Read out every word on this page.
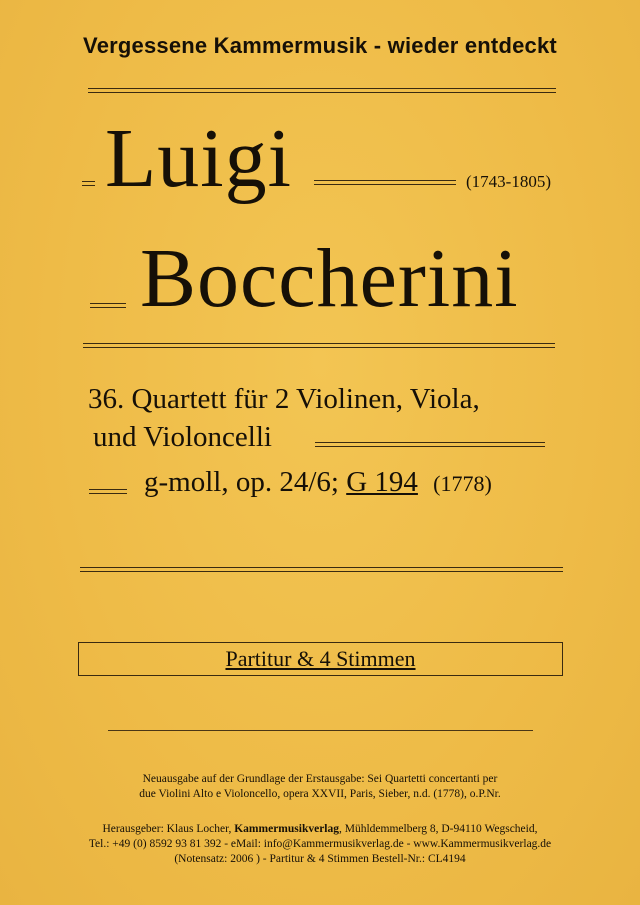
Vergessene Kammermusik - wieder entdeckt
Luigi	(1743-1805)
Boccherini
36. Quartett für 2 Violinen, Viola,
und Violoncelli
g-moll, op. 24/6; G 194 (1778)
Partitur & 4 Stimmen
Neuausgabe auf der Grundlage der Erstausgabe: Sei Quartetti concertanti per
due Violini Alto e Violoncello, opera XXVII, Paris, Sieber, n.d. (1778), o.P.Nr.
Herausgeber: Klaus Locher, Kammermusikverlag, Mühldemmelberg 8, D-94110 Wegscheid,
Tel.: +49 (0) 8592 93 81 392 - eMail: info@Kammermusikverlag.de - www.Kammermusikverlag.de
(Notensatz: 2006 ) - Partitur & 4 Stimmen Bestell-Nr.: CL4194
